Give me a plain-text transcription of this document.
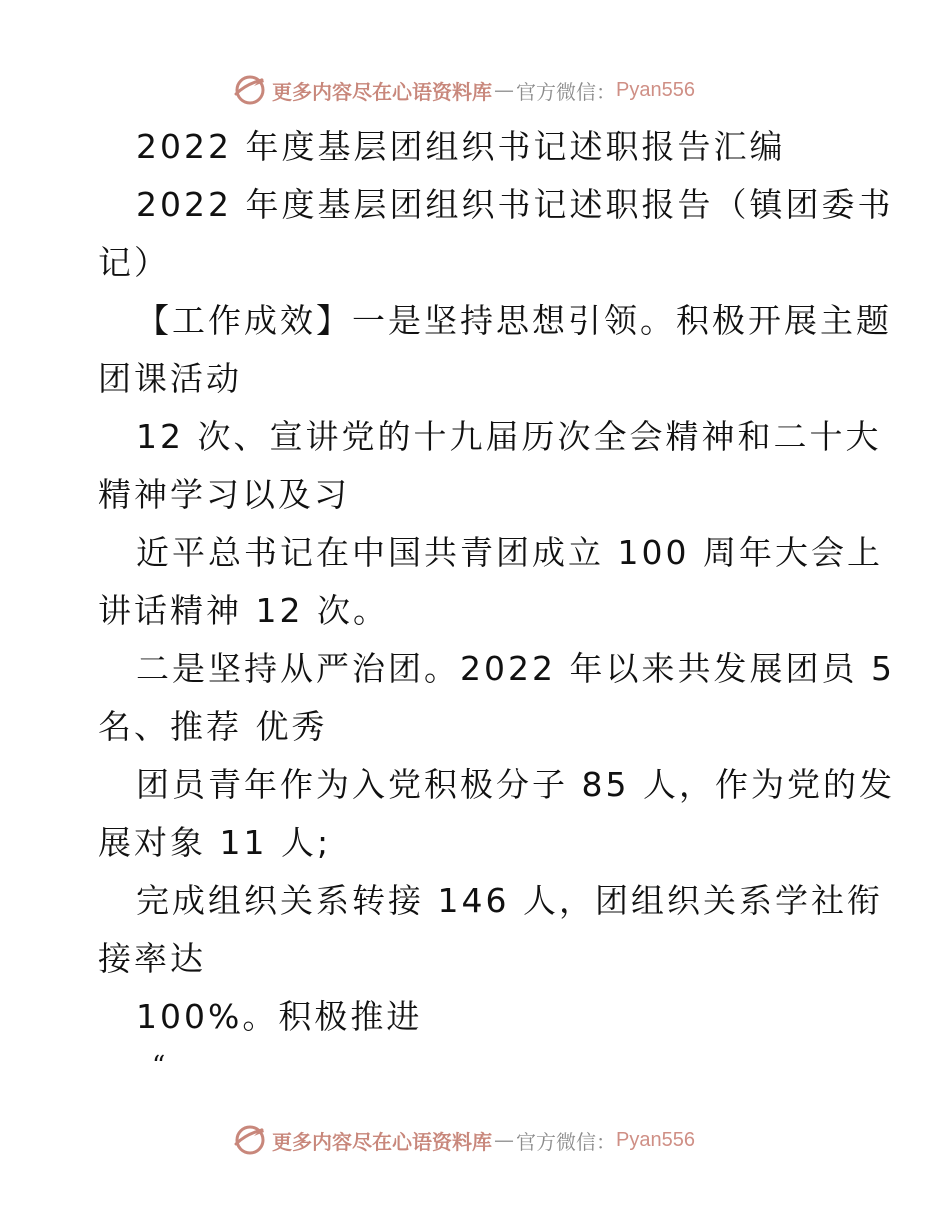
更多内容尽在心语资料库 — 官方微信： Pyan556
2022 年度基层团组织书记述职报告汇编
2022 年度基层团组织书记述职报告（镇团委书
记）
【工作成效】一是坚持思想引领。积极开展主题
团课活动
12 次、宣讲党的十九届历次全会精神和二十大
精神学习以及习
近平总书记在中国共青团成立 100 周年大会上
讲话精神 12 次。
二是坚持从严治团。2022 年以来共发展团员 5
名、推荐 优秀
团员青年作为入党积极分子 85 人，作为党的发
展对象 11 人;
完成组织关系转接 146 人，团组织关系学社衔
接率达
100%。积极推进
“
更多内容尽在心语资料库 — 官方微信： Pyan556
